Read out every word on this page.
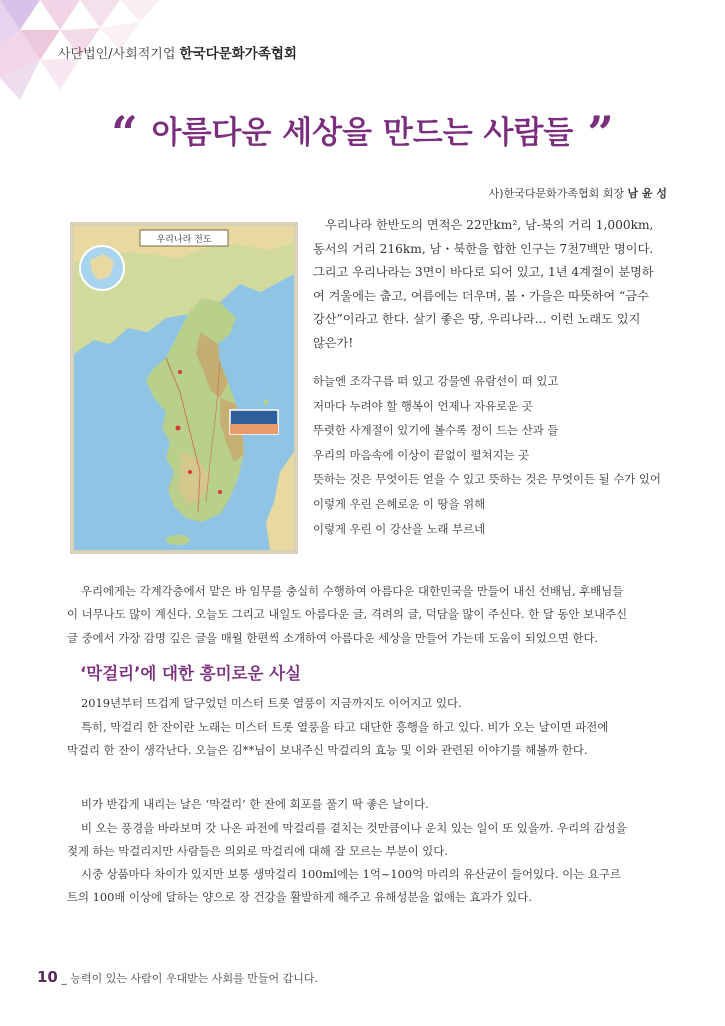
사단법인/사회적기업 한국다문화가족협회
“ 아름다운 세상을 만드는 사람들 ”
사)한국다문화가족협회 회장 남 윤 성
우리나라 전도
우리나라 한반도의 면적은 22만km², 남-북의 거리 1,000km,
동서의 거리 216km, 남・북한을 합한 인구는 7천7백만 명이다.
그리고 우리나라는 3면이 바다로 되어 있고, 1년 4계절이 분명하
여 겨울에는 춥고, 여름에는 더우며, 봄・가을은 따뜻하여 “금수
강산”이라고 한다. 살기 좋은 땅, 우리나라... 이런 노래도 있지
않은가!
하늘엔 조각구름 떠 있고 강물엔 유람선이 떠 있고
저마다 누려야 할 행복이 언제나 자유로운 곳
뚜렷한 사계절이 있기에 볼수록 정이 드는 산과 들
우리의 마음속에 이상이 끝없이 펼쳐지는 곳
뜻하는 것은 무엇이든 얻을 수 있고 뜻하는 것은 무엇이든 될 수가 있어
이렇게 우린 은혜로운 이 땅을 위해
이렇게 우린 이 강산을 노래 부르네
우리에게는 각계각층에서 맡은 바 임무를 충실히 수행하여 아름다운 대한민국을 만들어 내신 선배님, 후배님들
이 너무나도 많이 계신다. 오늘도 그리고 내일도 아름다운 글, 격려의 글, 덕담을 많이 주신다. 한 달 동안 보내주신
글 중에서 가장 감명 깊은 글을 매월 한편씩 소개하여 아름다운 세상을 만들어 가는데 도움이 되었으면 한다.
‘막걸리’에 대한 흥미로운 사실
2019년부터 뜨겁게 달구었던 미스터 트롯 열풍이 지금까지도 이어지고 있다.
특히, 막걸리 한 잔이란 노래는 미스터 트롯 열풍을 타고 대단한 흥행을 하고 있다. 비가 오는 날이면 파전에
막걸리 한 잔이 생각난다. 오늘은 김**님이 보내주신 막걸리의 효능 및 이와 관련된 이야기를 해볼까 한다.
비가 반갑게 내리는 날은 ‘막걸리’ 한 잔에 회포를 풀기 딱 좋은 날이다.
비 오는 풍경을 바라보며 갓 나온 파전에 막걸리를 곁치는 것만큼이나 운치 있는 일이 또 있을까. 우리의 감성을
젖게 하는 막걸리지만 사람들은 의외로 막걸리에 대해 잘 모르는 부분이 있다.
시중 상품마다 차이가 있지만 보통 생막걸리 100ml에는 1억~100억 마리의 유산균이 들어있다. 이는 요구르
트의 100배 이상에 달하는 양으로 장 건강을 활발하게 해주고 유해성분을 없애는 효과가 있다.
10 _ 능력이 있는 사람이 우대받는 사회를 만들어 갑니다.
